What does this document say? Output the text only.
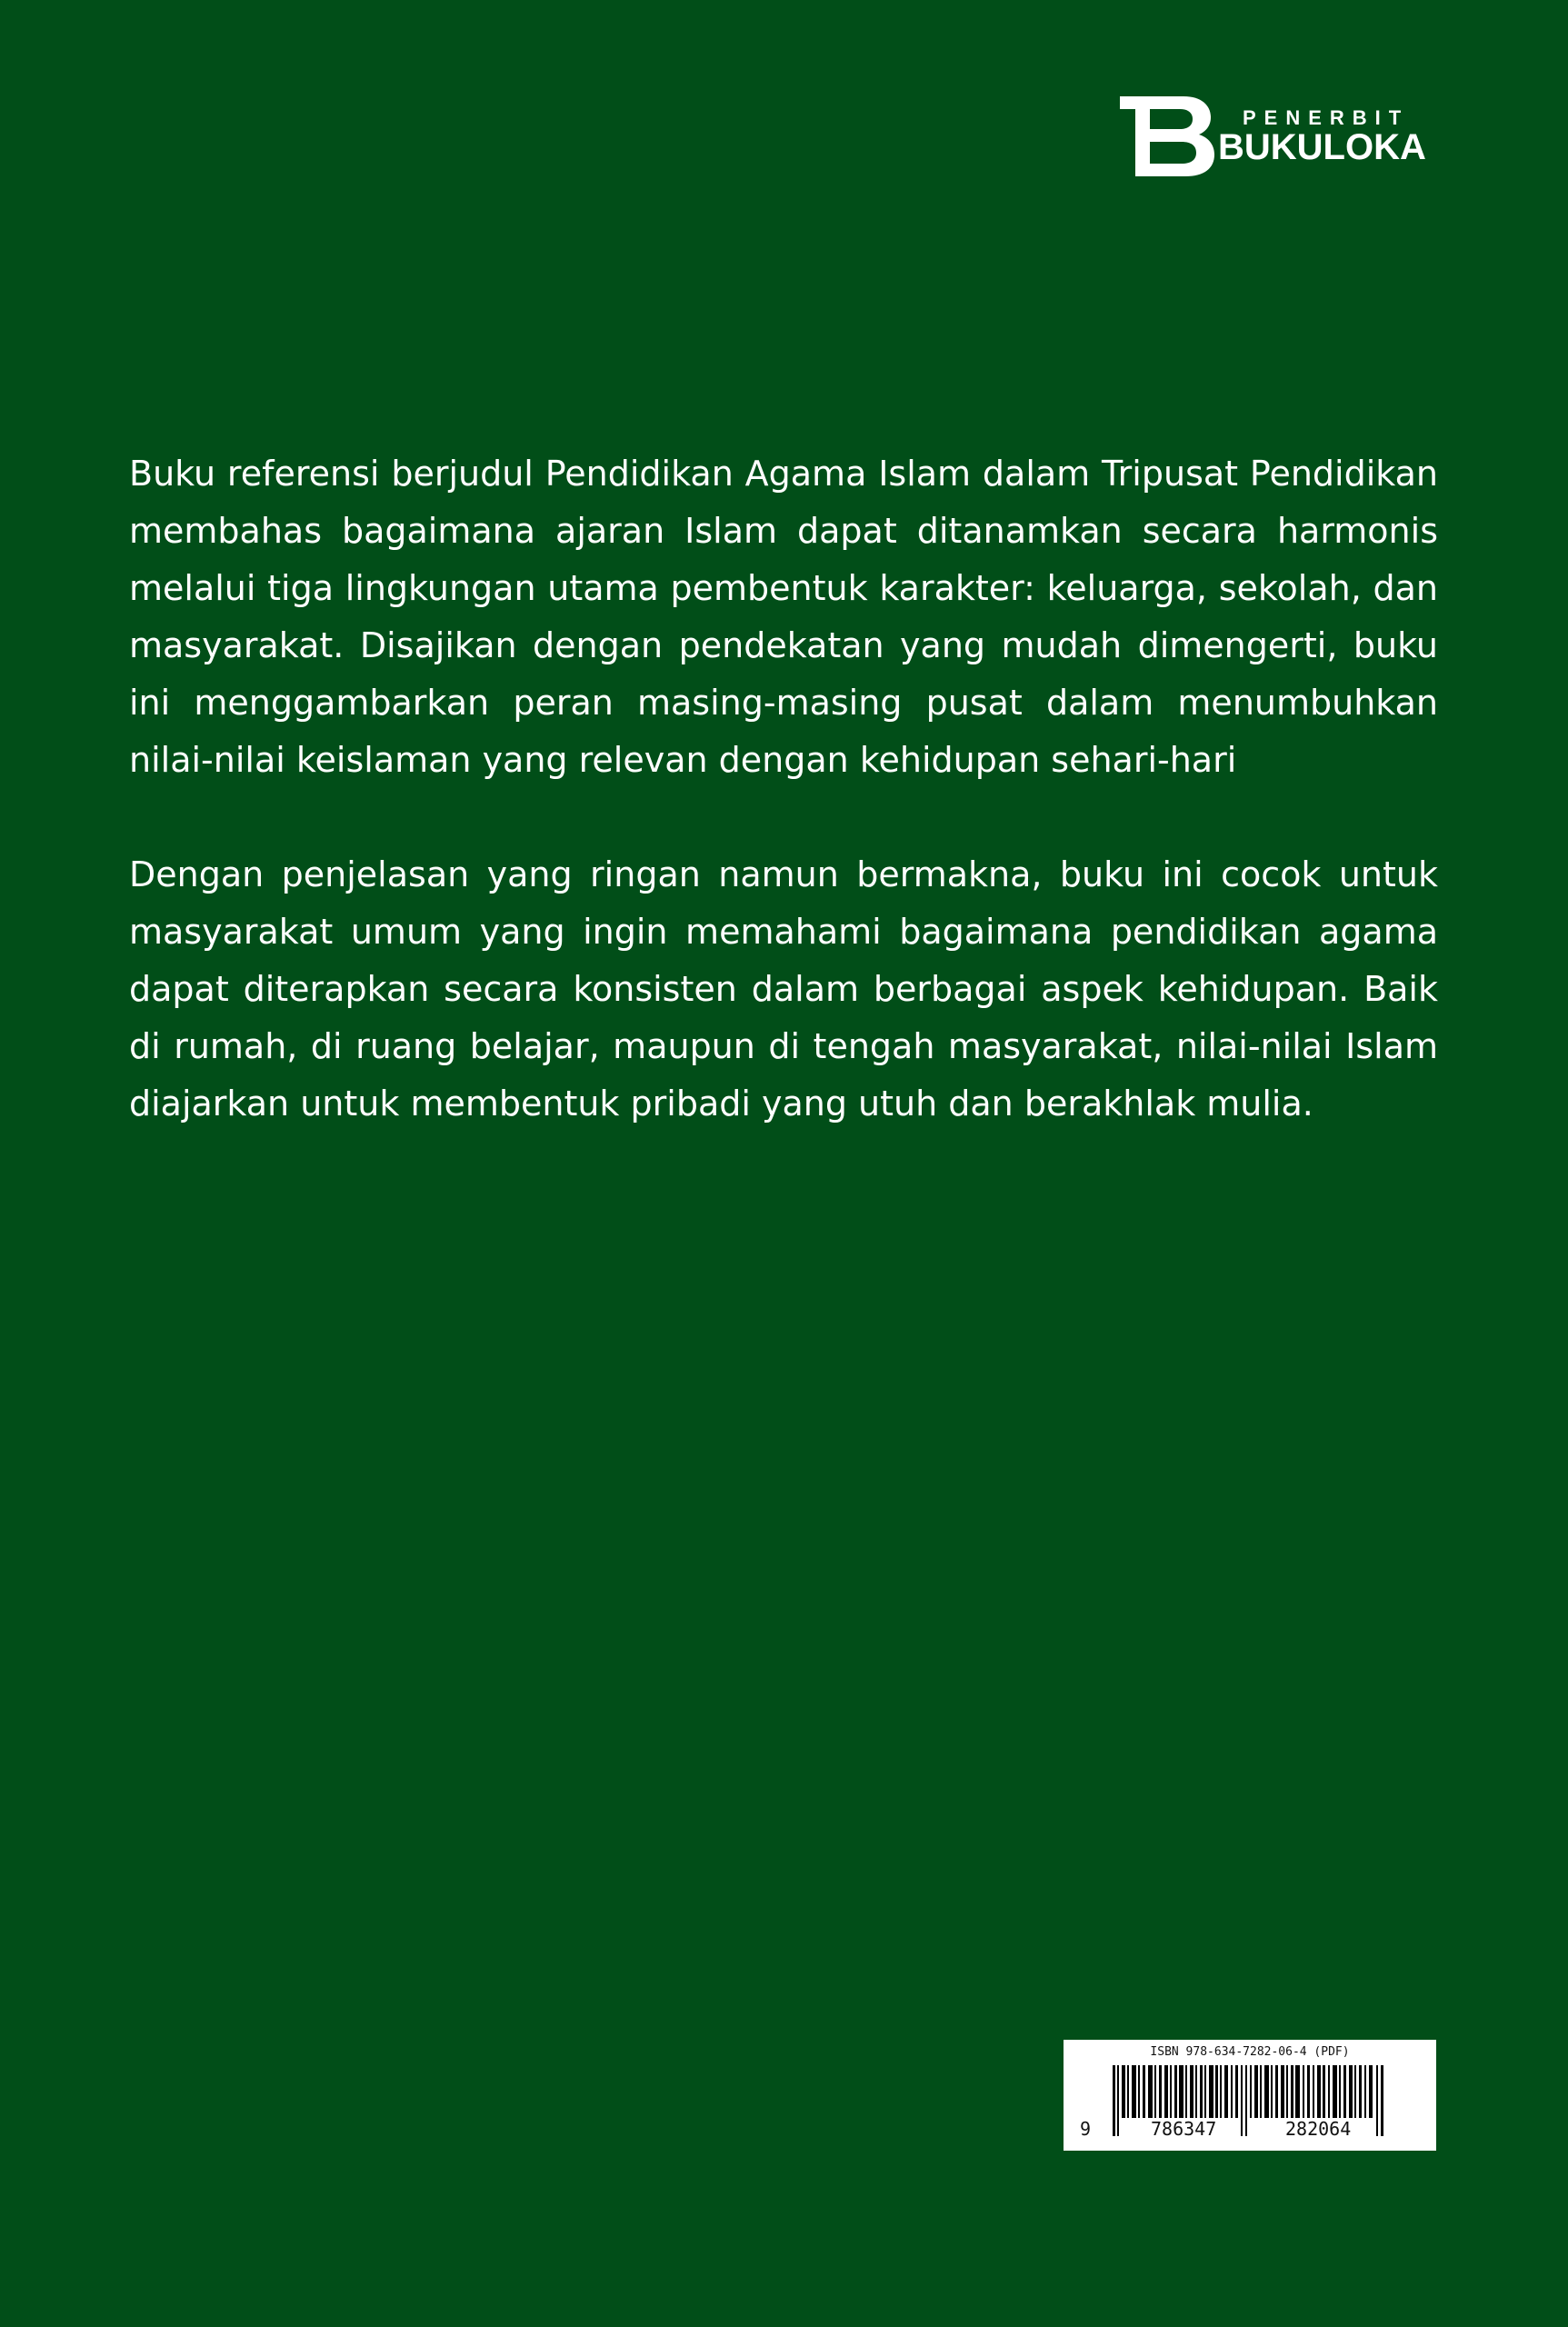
PENERBIT
BUKULOKA

Buku referensi berjudul Pendidikan Agama Islam dalam Tripusat Pendidikan membahas bagaimana ajaran Islam dapat ditanamkan secara harmonis melalui tiga lingkungan utama pembentuk karakter: keluarga, sekolah, dan masyarakat. Disajikan dengan pendekatan yang mudah dimengerti, buku ini menggambarkan peran masing-masing pusat dalam menumbuhkan nilai-nilai keislaman yang relevan dengan kehidupan sehari-hari

Dengan penjelasan yang ringan namun bermakna, buku ini cocok untuk masyarakat umum yang ingin memahami bagaimana pendidikan agama dapat diterapkan secara konsisten dalam berbagai aspek kehidupan. Baik di rumah, di ruang belajar, maupun di tengah masyarakat, nilai-nilai Islam diajarkan untuk membentuk pribadi yang utuh dan berakhlak mulia.

ISBN 978-634-7282-06-4 (PDF)
9	786347	282064
